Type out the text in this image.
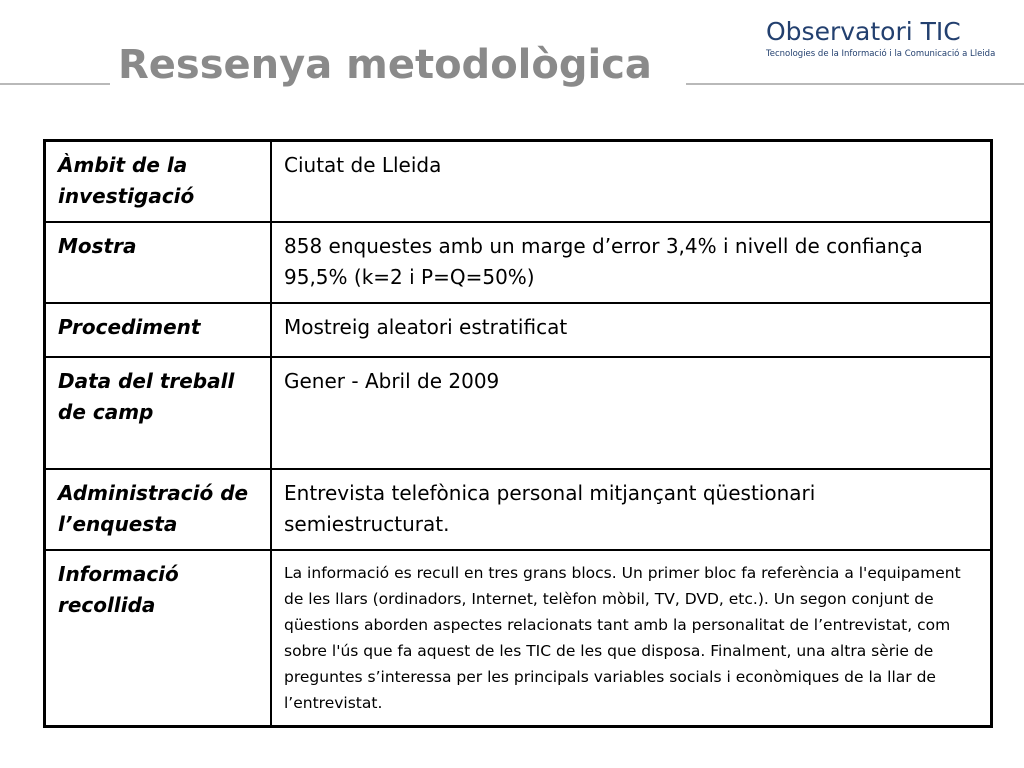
Ressenya metodològica
Observatori TIC
Tecnologies de la Informació i la Comunicació a Lleida
Àmbit de la investigació	Ciutat de Lleida
Mostra	858 enquestes amb un marge d’error 3,4% i nivell de confiança 95,5% (k=2 i P=Q=50%)
Procediment	Mostreig aleatori estratificat
Data del treball de camp	Gener - Abril de 2009
Administració de l’enquesta	Entrevista telefònica personal mitjançant qüestionari semiestructurat.
Informació recollida	La informació es recull en tres grans blocs. Un primer bloc fa referència a l'equipament de les llars (ordinadors, Internet, telèfon mòbil, TV, DVD, etc.). Un segon conjunt de qüestions aborden aspectes relacionats tant amb la personalitat de l’entrevistat, com sobre l'ús que fa aquest de les TIC de les que disposa. Finalment, una altra sèrie de preguntes s’interessa per les principals variables socials i econòmiques de la llar de l’entrevistat.
